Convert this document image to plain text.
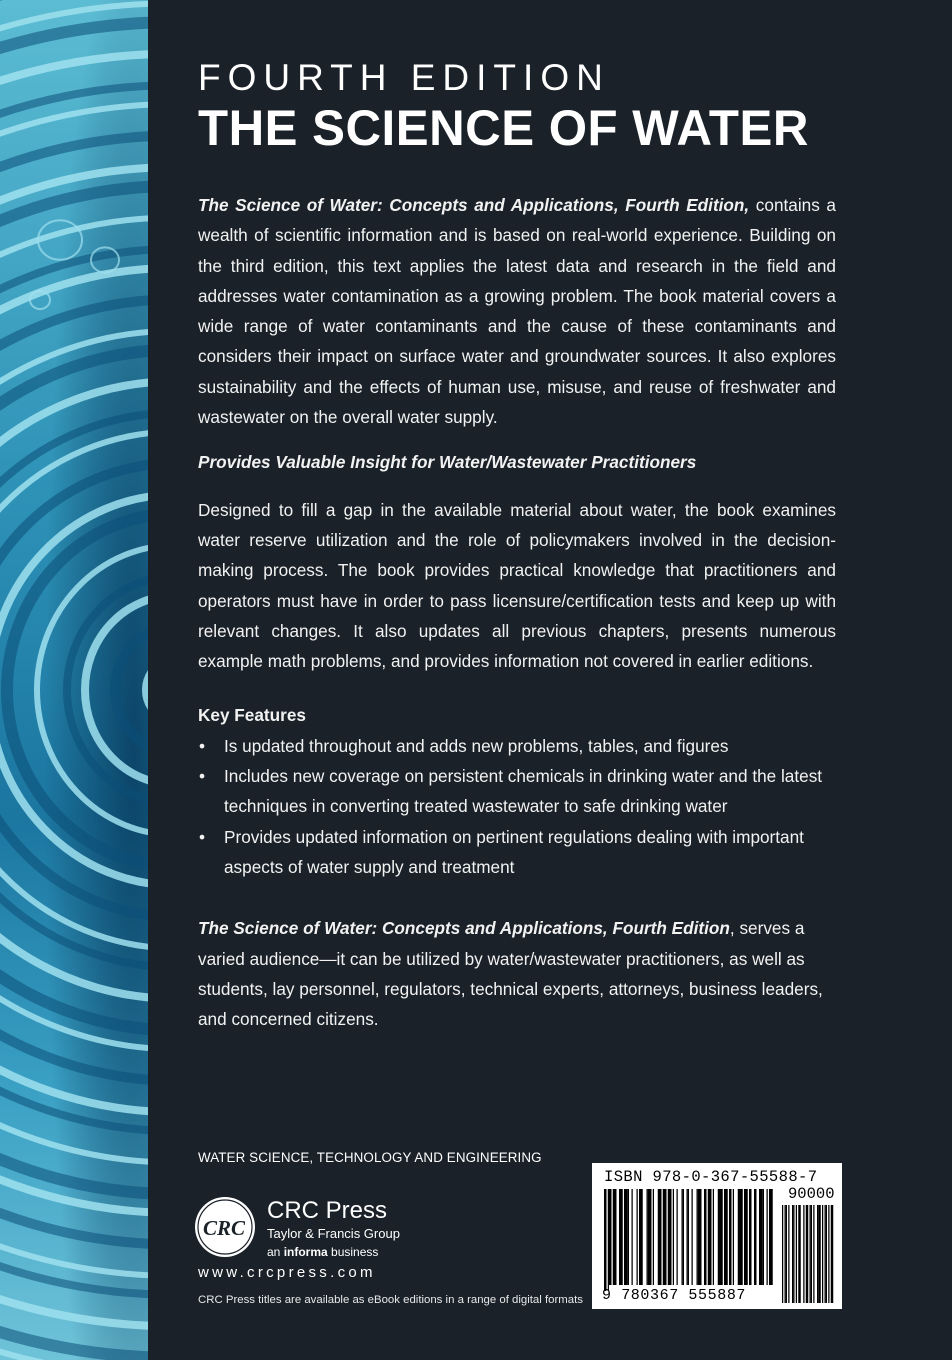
FOURTH EDITION
THE SCIENCE OF WATER

The Science of Water: Concepts and Applications, Fourth Edition, contains a wealth of scientific information and is based on real-world experience. Building on the third edition, this text applies the latest data and research in the field and addresses water contamination as a growing problem. The book material covers a wide range of water contaminants and the cause of these contaminants and considers their impact on surface water and groundwater sources. It also explores sustainability and the effects of human use, misuse, and reuse of freshwater and wastewater on the overall water supply.

Provides Valuable Insight for Water/Wastewater Practitioners

Designed to fill a gap in the available material about water, the book examines water reserve utilization and the role of policymakers involved in the decision-making process. The book provides practical knowledge that practitioners and operators must have in order to pass licensure/certification tests and keep up with relevant changes. It also updates all previous chapters, presents numerous example math problems, and provides information not covered in earlier editions.

Key Features

• Is updated throughout and adds new problems, tables, and figures
• Includes new coverage on persistent chemicals in drinking water and the latest techniques in converting treated wastewater to safe drinking water
• Provides updated information on pertinent regulations dealing with important aspects of water supply and treatment

The Science of Water: Concepts and Applications, Fourth Edition, serves a varied audience—it can be utilized by water/wastewater practitioners, as well as students, lay personnel, regulators, technical experts, attorneys, business leaders, and concerned citizens.

WATER SCIENCE, TECHNOLOGY AND ENGINEERING
CRC
CRC Press
Taylor & Francis Group
an informa business
www.crcpress.com
CRC Press titles are available as eBook editions in a range of digital formats
ISBN 978-0-367-55588-7
90000
9 780367 555887
